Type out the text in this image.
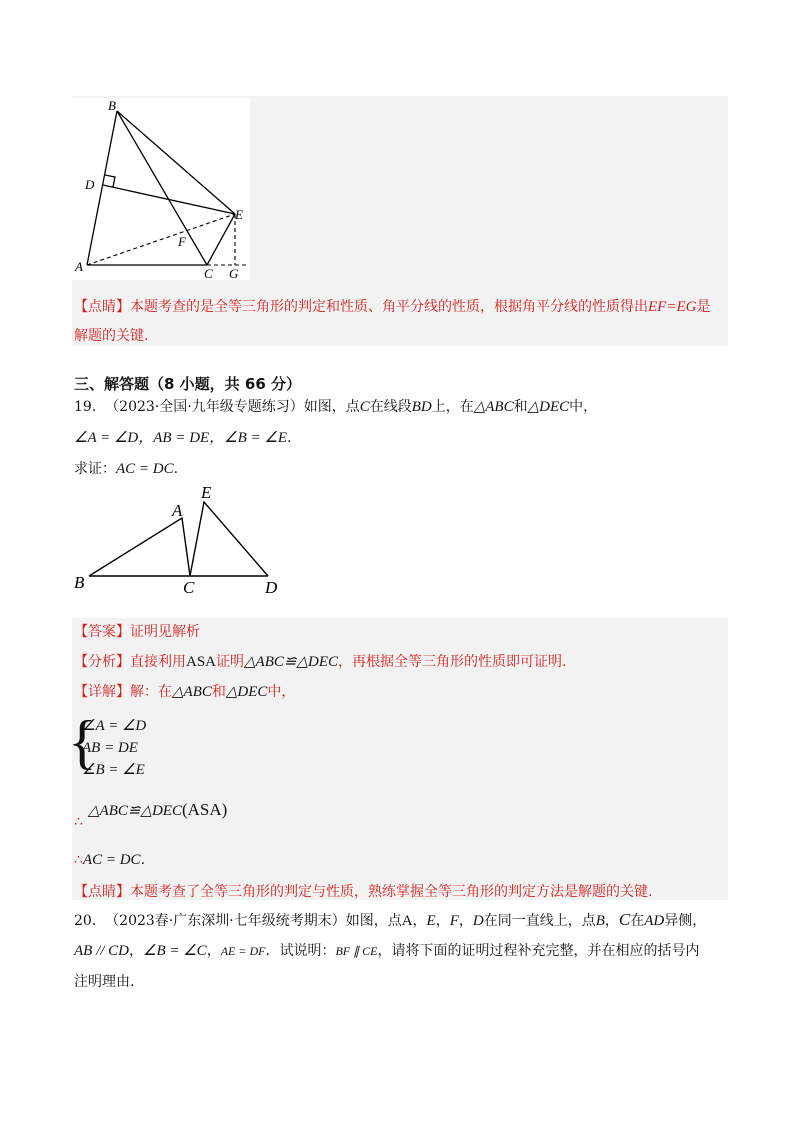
B
D
E
F
A	C G
【点睛】本题考查的是全等三角形的判定和性质、角平分线的性质，根据角平分线的性质得出EF=EG是
解题的关键.
三、解答题（8 小题，共 66 分）
19. （2023·全国·九年级专题练习）如图，点C在线段BD上，在△ABC和△DEC中，
∠A = ∠D，AB = DE，∠B = ∠E.
求证：AC = DC.
E
A
B	C	D
【答案】证明见解析
【分析】直接利用ASA证明△ABC≌△DEC，再根据全等三角形的性质即可证明.
【详解】解：在△ABC和△DEC中，
{
∠A = ∠D
AB = DE
∠B = ∠E
△ABC≌△DEC(ASA)
∴
∴AC = DC.
【点睛】本题考查了全等三角形的判定与性质，熟练掌握全等三角形的判定方法是解题的关键.
20. （2023春·广东深圳·七年级统考期末）如图，点A，E，F，D在同一直线上，点B，C在AD异侧，
AB // CD，∠B = ∠C，AE = DF．试说明：BF ∥ CE，请将下面的证明过程补充完整，并在相应的括号内
注明理由.
